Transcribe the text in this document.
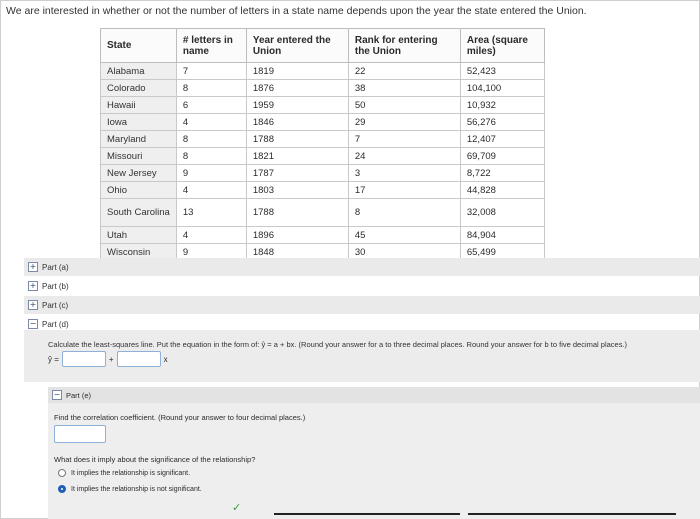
We are interested in whether or not the number of letters in a state name depends upon the year the state entered the Union.
State	# letters in name	Year entered the Union	Rank for entering the Union	Area (square miles)
Alabama	7	1819	22	52,423
Colorado	8	1876	38	104,100
Hawaii	6	1959	50	10,932
Iowa	4	1846	29	56,276
Maryland	8	1788	7	12,407
Missouri	8	1821	24	69,709
New Jersey	9	1787	3	8,722
Ohio	4	1803	17	44,828
South Carolina	13	1788	8	32,008
Utah	4	1896	45	84,904
Wisconsin	9	1848	30	65,499
+ Part (a)
+ Part (b)
+ Part (c)
− Part (d)
Calculate the least-squares line. Put the equation in the form of: ŷ = a + bx. (Round your answer for a to three decimal places. Round your answer for b to five decimal places.)
ŷ =	+	x
− Part (e)
Find the correlation coefficient. (Round your answer to four decimal places.)
What does it imply about the significance of the relationship?
It implies the relationship is significant.
It implies the relationship is not significant.
✓
